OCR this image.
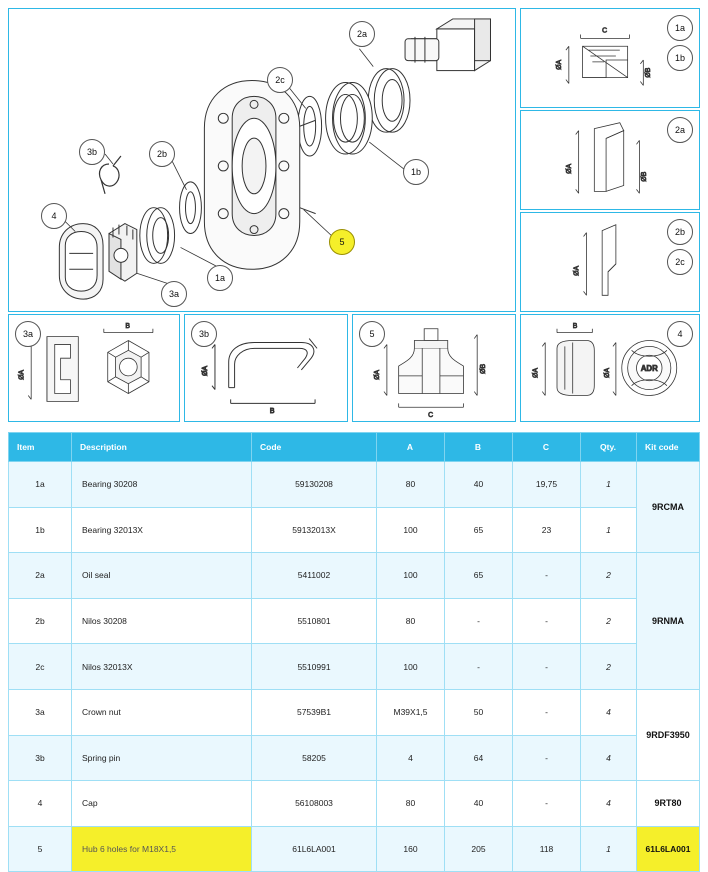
2a
2c
1b
3b	2b
4
1a
3a
5
C
ØA
ØB
1a
1b
ØA
ØB
2a
ØA
2b
2c
ØA
B
3a
ØA
B
3b
ØA
ØB
C
5
B
ØA	ADR
ØA
4
Item	Description	Code	A	B	C	Qty.	Kit code
1a	Bearing 30208	59130208	80	40	19,75	1	9RCMA
1b	Bearing 32013X	59132013X	100	65	23	1	
2a	Oil seal	5411002	100	65	-	2	9RNMA
2b	Nilos 30208	5510801	80	-	-	2	
2c	Nilos 32013X	5510991	100	-	-	2	
3a	Crown nut	57539B1	M39X1,5	50	-	4	9RDF3950
3b	Spring pin	58205	4	64	-	4	
4	Cap	56108003	80	40	-	4	9RT80
5	Hub 6 holes for M18X1,5	61L6LA001	160	205	118	1	61L6LA001
